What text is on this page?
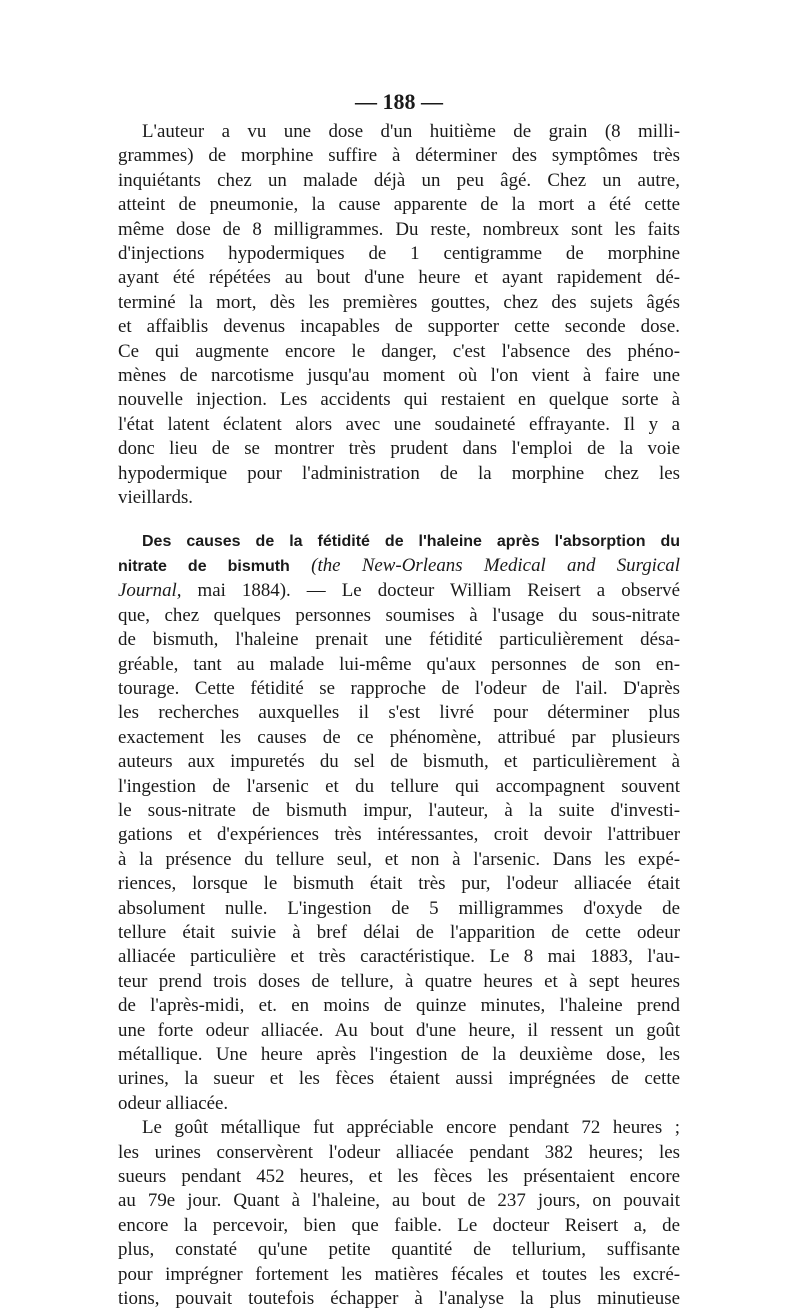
— 188 —
L'auteur a vu une dose d'un huitième de grain (8 milli-
grammes) de morphine suffire à déterminer des symptômes très
inquiétants chez un malade déjà un peu âgé. Chez un autre,
atteint de pneumonie, la cause apparente de la mort a été cette
même dose de 8 milligrammes. Du reste, nombreux sont les faits
d'injections hypodermiques de 1 centigramme de morphine
ayant été répétées au bout d'une heure et ayant rapidement dé-
terminé la mort, dès les premières gouttes, chez des sujets âgés
et affaiblis devenus incapables de supporter cette seconde dose.
Ce qui augmente encore le danger, c'est l'absence des phéno-
mènes de narcotisme jusqu'au moment où l'on vient à faire une
nouvelle injection. Les accidents qui restaient en quelque sorte à
l'état latent éclatent alors avec une soudaineté effrayante. Il y a
donc lieu de se montrer très prudent dans l'emploi de la voie
hypodermique pour l'administration de la morphine chez les
vieillards.
Des causes de la fétidité de l'haleine après l'absorption du
nitrate de bismuth (the New-Orleans Medical and Surgical
Journal, mai 1884). — Le docteur William Reisert a observé
que, chez quelques personnes soumises à l'usage du sous-nitrate
de bismuth, l'haleine prenait une fétidité particulièrement désa-
gréable, tant au malade lui-même qu'aux personnes de son en-
tourage. Cette fétidité se rapproche de l'odeur de l'ail. D'après
les recherches auxquelles il s'est livré pour déterminer plus
exactement les causes de ce phénomène, attribué par plusieurs
auteurs aux impuretés du sel de bismuth, et particulièrement à
l'ingestion de l'arsenic et du tellure qui accompagnent souvent
le sous-nitrate de bismuth impur, l'auteur, à la suite d'investi-
gations et d'expériences très intéressantes, croit devoir l'attribuer
à la présence du tellure seul, et non à l'arsenic. Dans les expé-
riences, lorsque le bismuth était très pur, l'odeur alliacée était
absolument nulle. L'ingestion de 5 milligrammes d'oxyde de
tellure était suivie à bref délai de l'apparition de cette odeur
alliacée particulière et très caractéristique. Le 8 mai 1883, l'au-
teur prend trois doses de tellure, à quatre heures et à sept heures
de l'après-midi, et. en moins de quinze minutes, l'haleine prend
une forte odeur alliacée. Au bout d'une heure, il ressent un goût
métallique. Une heure après l'ingestion de la deuxième dose, les
urines, la sueur et les fèces étaient aussi imprégnées de cette
odeur alliacée.
Le goût métallique fut appréciable encore pendant 72 heures ;
les urines conservèrent l'odeur alliacée pendant 382 heures; les
sueurs pendant 452 heures, et les fèces les présentaient encore
au 79e jour. Quant à l'haleine, au bout de 237 jours, on pouvait
encore la percevoir, bien que faible. Le docteur Reisert a, de
plus, constaté qu'une petite quantité de tellurium, suffisante
pour imprégner fortement les matières fécales et toutes les excré-
tions, pouvait toutefois échapper à l'analyse la plus minutieuse
